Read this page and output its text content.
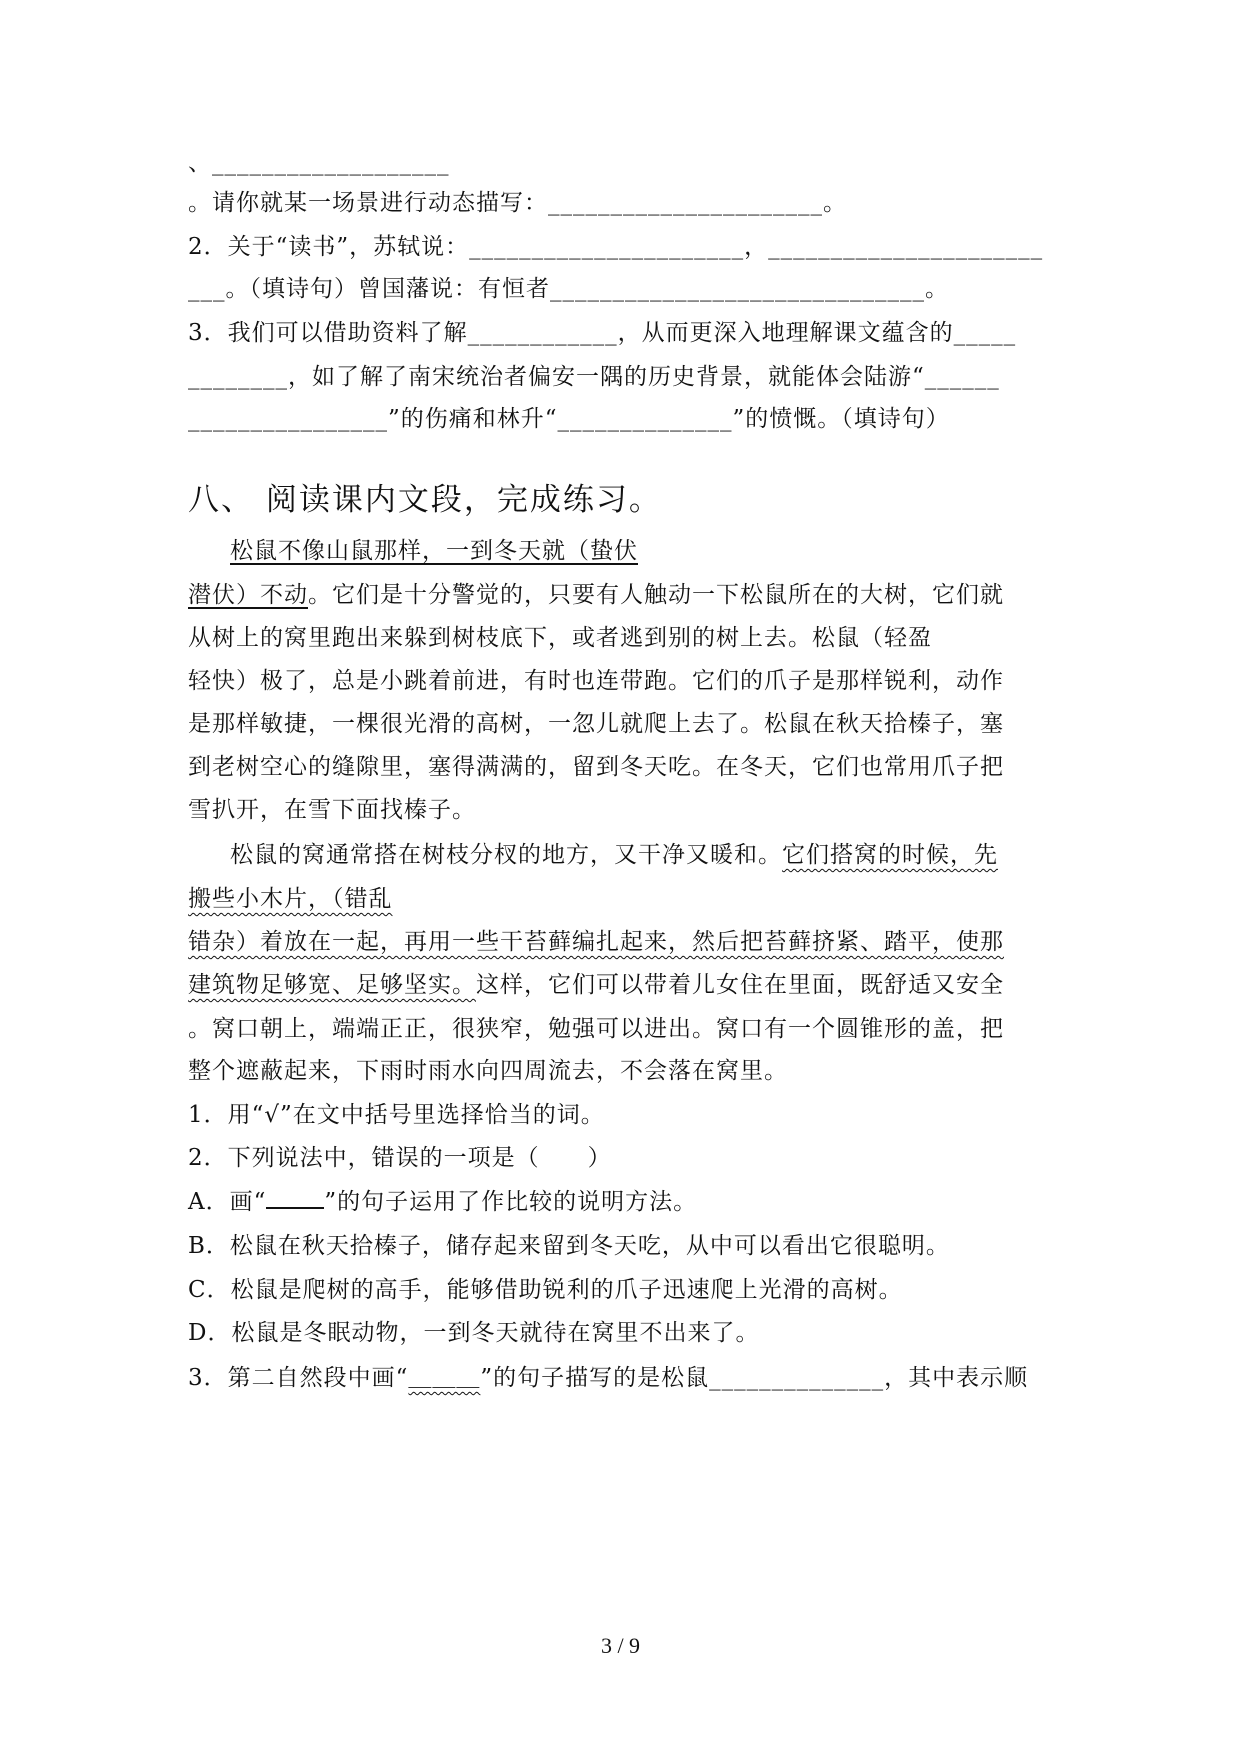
、___________________
。请你就某一场景进行动态描写：______________________。
2．关于“读书”，苏轼说：______________________，______________________
___。（填诗句）曾国藩说：有恒者______________________________。
3．我们可以借助资料了解____________，从而更深入地理解课文蕴含的_____
________，如了解了南宋统治者偏安一隅的历史背景，就能体会陆游“______
________________”的伤痛和林升“______________”的愤慨。（填诗句）
八、 阅读课内文段，完成练习。
松鼠不像山鼠那样，一到冬天就（蛰伏
潜伏）不动。它们是十分警觉的，只要有人触动一下松鼠所在的大树，它们就
从树上的窝里跑出来躲到树枝底下，或者逃到别的树上去。松鼠（轻盈
轻快）极了，总是小跳着前进，有时也连带跑。它们的爪子是那样锐利，动作
是那样敏捷，一棵很光滑的高树，一忽儿就爬上去了。松鼠在秋天拾榛子，塞
到老树空心的缝隙里，塞得满满的，留到冬天吃。在冬天，它们也常用爪子把
雪扒开，在雪下面找榛子。
松鼠的窝通常搭在树枝分杈的地方，又干净又暖和。它们搭窝的时候，先
搬些小木片，（错乱
错杂）着放在一起，再用一些干苔藓编扎起来，然后把苔藓挤紧、踏平，使那
建筑物足够宽、足够坚实。这样，它们可以带着儿女住在里面，既舒适又安全
。窝口朝上，端端正正，很狭窄，勉强可以进出。窝口有一个圆锥形的盖，把
整个遮蔽起来，下雨时雨水向四周流去，不会落在窝里。
1．用“√”在文中括号里选择恰当的词。
2．下列说法中，错误的一项是（　　）
A．画“	”的句子运用了作比较的说明方法。
B．松鼠在秋天拾榛子，储存起来留到冬天吃，从中可以看出它很聪明。
C．松鼠是爬树的高手，能够借助锐利的爪子迅速爬上光滑的高树。
D．松鼠是冬眠动物，一到冬天就待在窝里不出来了。
3．第二自然段中画“＿＿＿”的句子描写的是松鼠______________，其中表示顺
3 / 9
